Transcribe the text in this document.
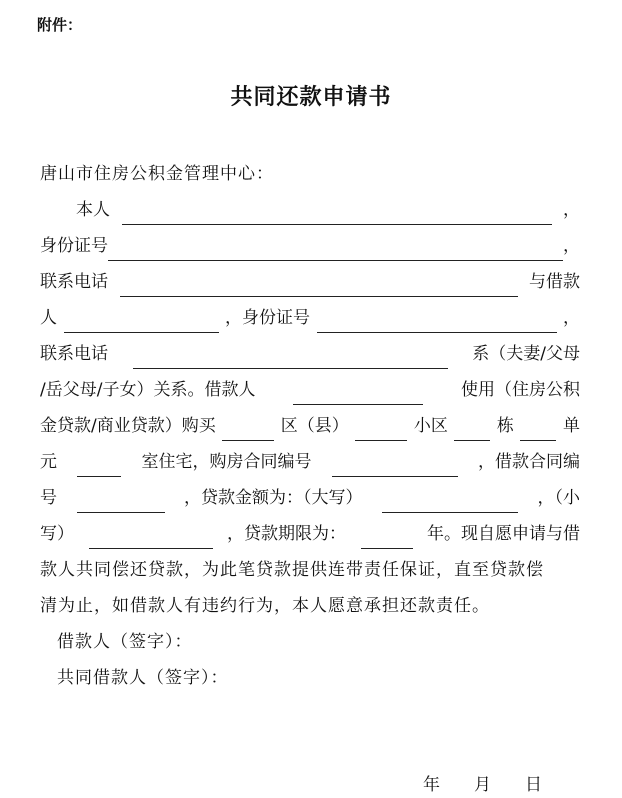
附件：
共同还款申请书
唐山市住房公积金管理中心：
本人	，
身份证号	，
联系电话	与借款
人	，身份证号	，
联系电话	系（夫妻/父母
/岳父母/子女）关系。借款人	使用（住房公积
金贷款/商业贷款）购买	区（县）	小区	栋	单
元	室住宅，购房合同编号	，借款合同编
号	，贷款金额为：（大写）	，（小
写）	，贷款期限为：	年。现自愿申请与借
款人共同偿还贷款，为此笔贷款提供连带责任保证，直至贷款偿
清为止，如借款人有违约行为，本人愿意承担还款责任。
借款人（签字）：
共同借款人（签字）：
年 月 日
